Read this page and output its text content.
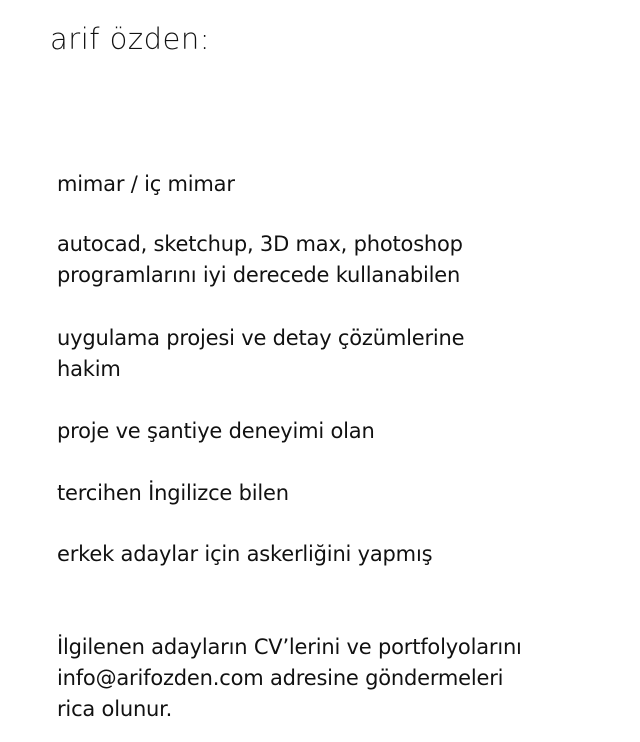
arif özden:

mimar / iç mimar

autocad, sketchup, 3D max, photoshop
programlarını iyi derecede kullanabilen

uygulama projesi ve detay çözümlerine
hakim

proje ve şantiye deneyimi olan

tercihen İngilizce bilen

erkek adaylar için askerliğini yapmış

İlgilenen adayların CV’lerini ve portfolyolarını
info@arifozden.com adresine göndermeleri
rica olunur.
